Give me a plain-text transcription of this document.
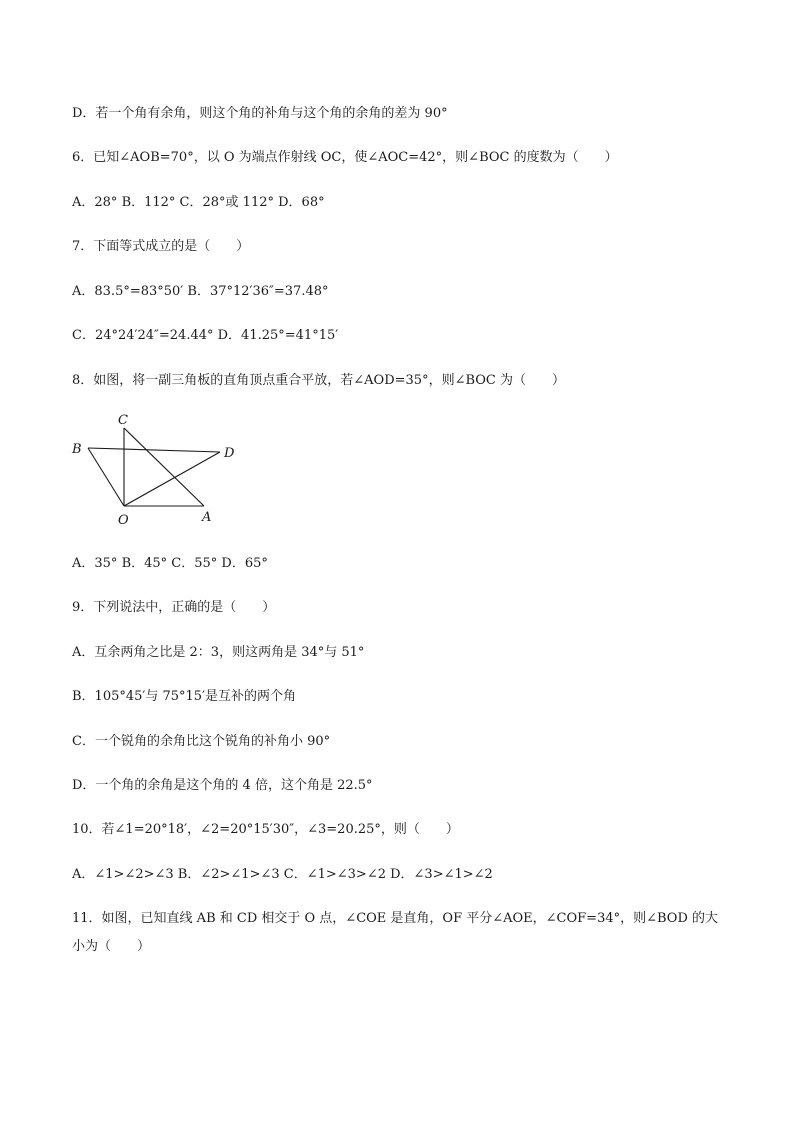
D．若一个角有余角，则这个角的补角与这个角的余角的差为 90°

6．已知∠AOB=70°，以 O 为端点作射线 OC，使∠AOC=42°，则∠BOC 的度数为（　　）

A．28° B．112° C．28°或 112° D．68°

7．下面等式成立的是（　　）

A．83.5°=83°50′ B．37°12′36″=37.48°

C．24°24′24″=24.44° D．41.25°=41°15′

8．如图，将一副三角板的直角顶点重合平放，若∠AOD=35°，则∠BOC 为（　　）

C
B	D
O	A

A．35° B．45° C．55° D．65°

9．下列说法中，正确的是（　　）

A．互余两角之比是 2：3，则这两角是 34°与 51°

B．105°45′与 75°15′是互补的两个角

C．一个锐角的余角比这个锐角的补角小 90°

D．一个角的余角是这个角的 4 倍，这个角是 22.5°

10．若∠1=20°18′，∠2=20°15′30″，∠3=20.25°，则（　　）

A．∠1>∠2>∠3 B．∠2>∠1>∠3 C．∠1>∠3>∠2 D．∠3>∠1>∠2

11．如图，已知直线 AB 和 CD 相交于 O 点，∠COE 是直角，OF 平分∠AOE，∠COF=34°，则∠BOD 的大小为（　　）
